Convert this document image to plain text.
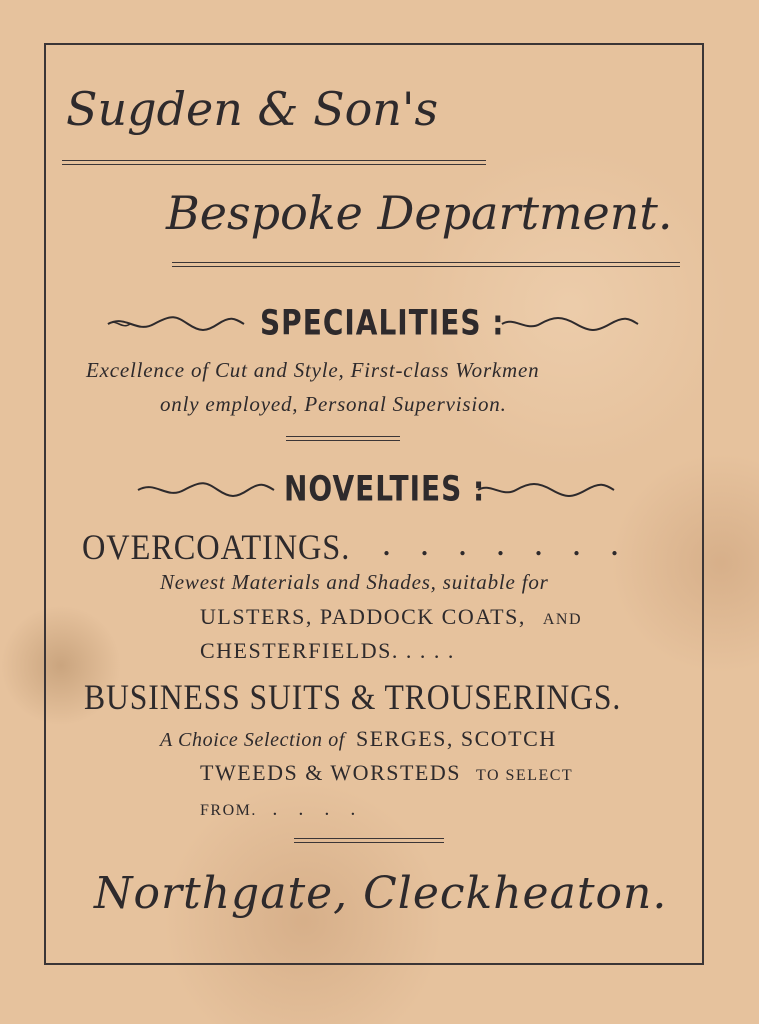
Sugden & Son's
Bespoke Department.
SPECIALITIES :
Excellence of Cut and Style, First-class Workmen
only employed, Personal Supervision.
NOVELTIES :
OVERCOATINGS. . . . . . . .
Newest Materials and Shades, suitable for
ULSTERS, PADDOCK COATS, AND
CHESTERFIELDS. . . . .
BUSINESS SUITS & TROUSERINGS.
A Choice Selection of SERGES, SCOTCH
TWEEDS & WORSTEDS TO SELECT
FROM. . . . .
Northgate, Cleckheaton.
